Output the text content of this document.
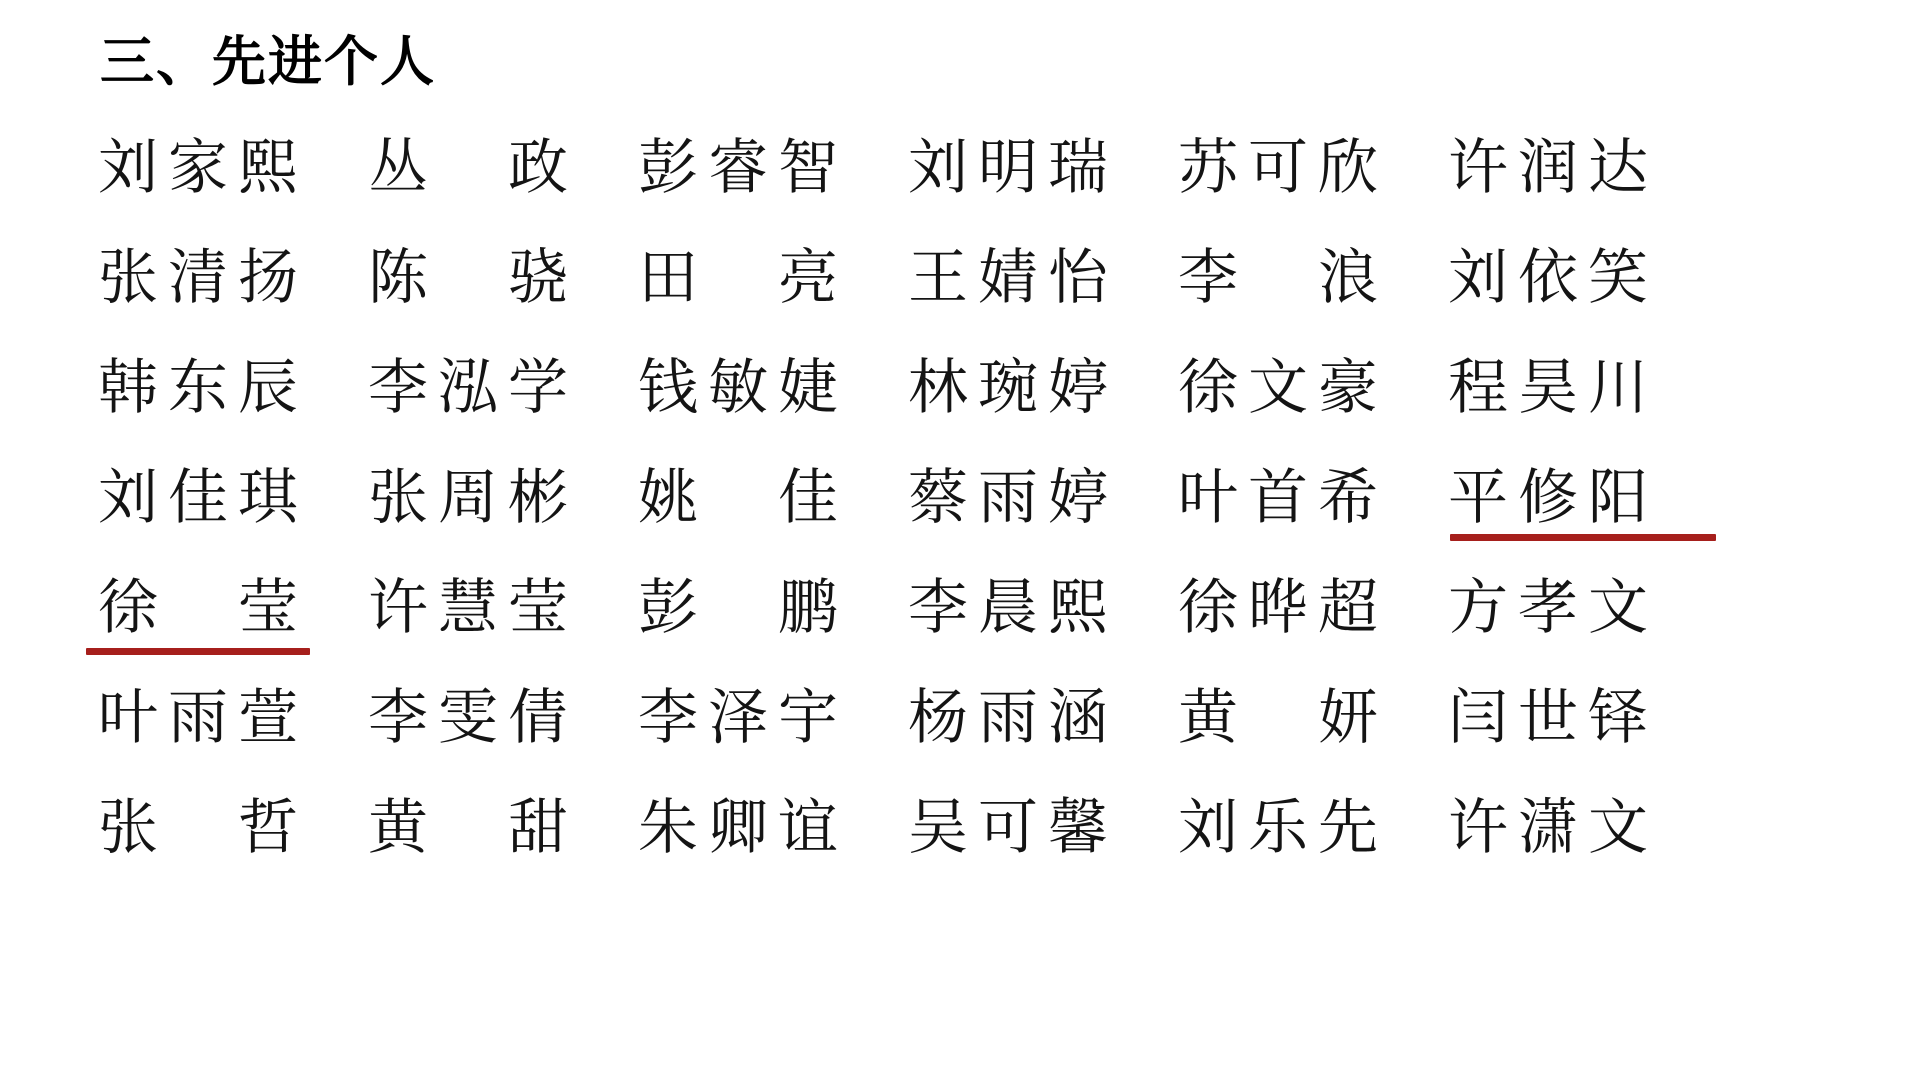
三、先进个人
刘家熙 丛政 彭睿智 刘明瑞 苏可欣 许润达
张清扬 陈骁 田亮 王婧怡 李浪 刘依笑
韩东辰 李泓学 钱敏婕 林琬婷 徐文豪 程昊川
刘佳琪 张周彬 姚佳 蔡雨婷 叶首希 平修阳
徐莹 许慧莹 彭鹏 李晨熙 徐晔超 方孝文
叶雨萱 李雯倩 李泽宇 杨雨涵 黄妍 闫世铎
张哲 黄甜 朱卿谊 吴可馨 刘乐先 许潇文
